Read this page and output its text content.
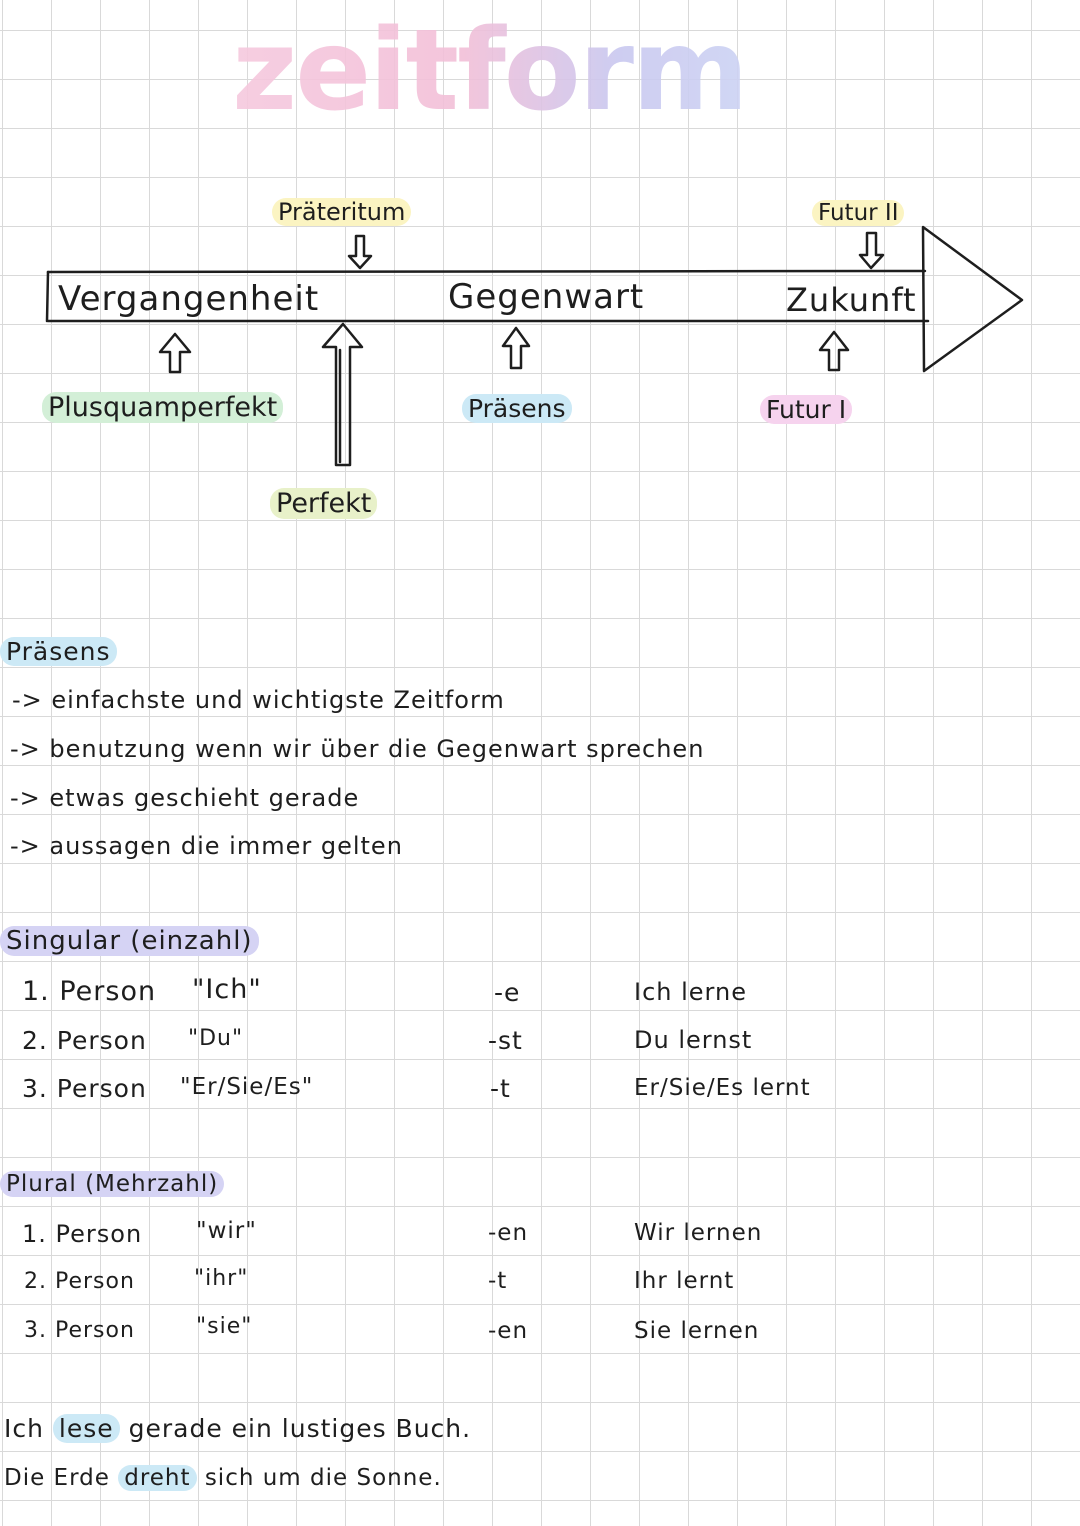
zeitform
Vergangenheit	Gegenwart	Zukunft
Präteritum	Futur II
Plusquamperfekt	Präsens	Futur I
Perfekt
Präsens
-> einfachste und wichtigste Zeitform
-> benutzung wenn wir über die Gegenwart sprechen
-> etwas geschieht gerade
-> aussagen die immer gelten
Singular (einzahl)
1. Person "Ich"	-e	Ich lerne
2. Person "Du"	-st	Du lernst
3. Person "Er/Sie/Es"	-t	Er/Sie/Es lernt
Plural (Mehrzahl)
1. Person "wir"	-en	Wir lernen
2. Person	"ihr"	-t	Ihr lernt
3. Person	"sie"	-en	Sie lernen
Ich lese gerade ein lustiges Buch.
Die Erde dreht sich um die Sonne.
